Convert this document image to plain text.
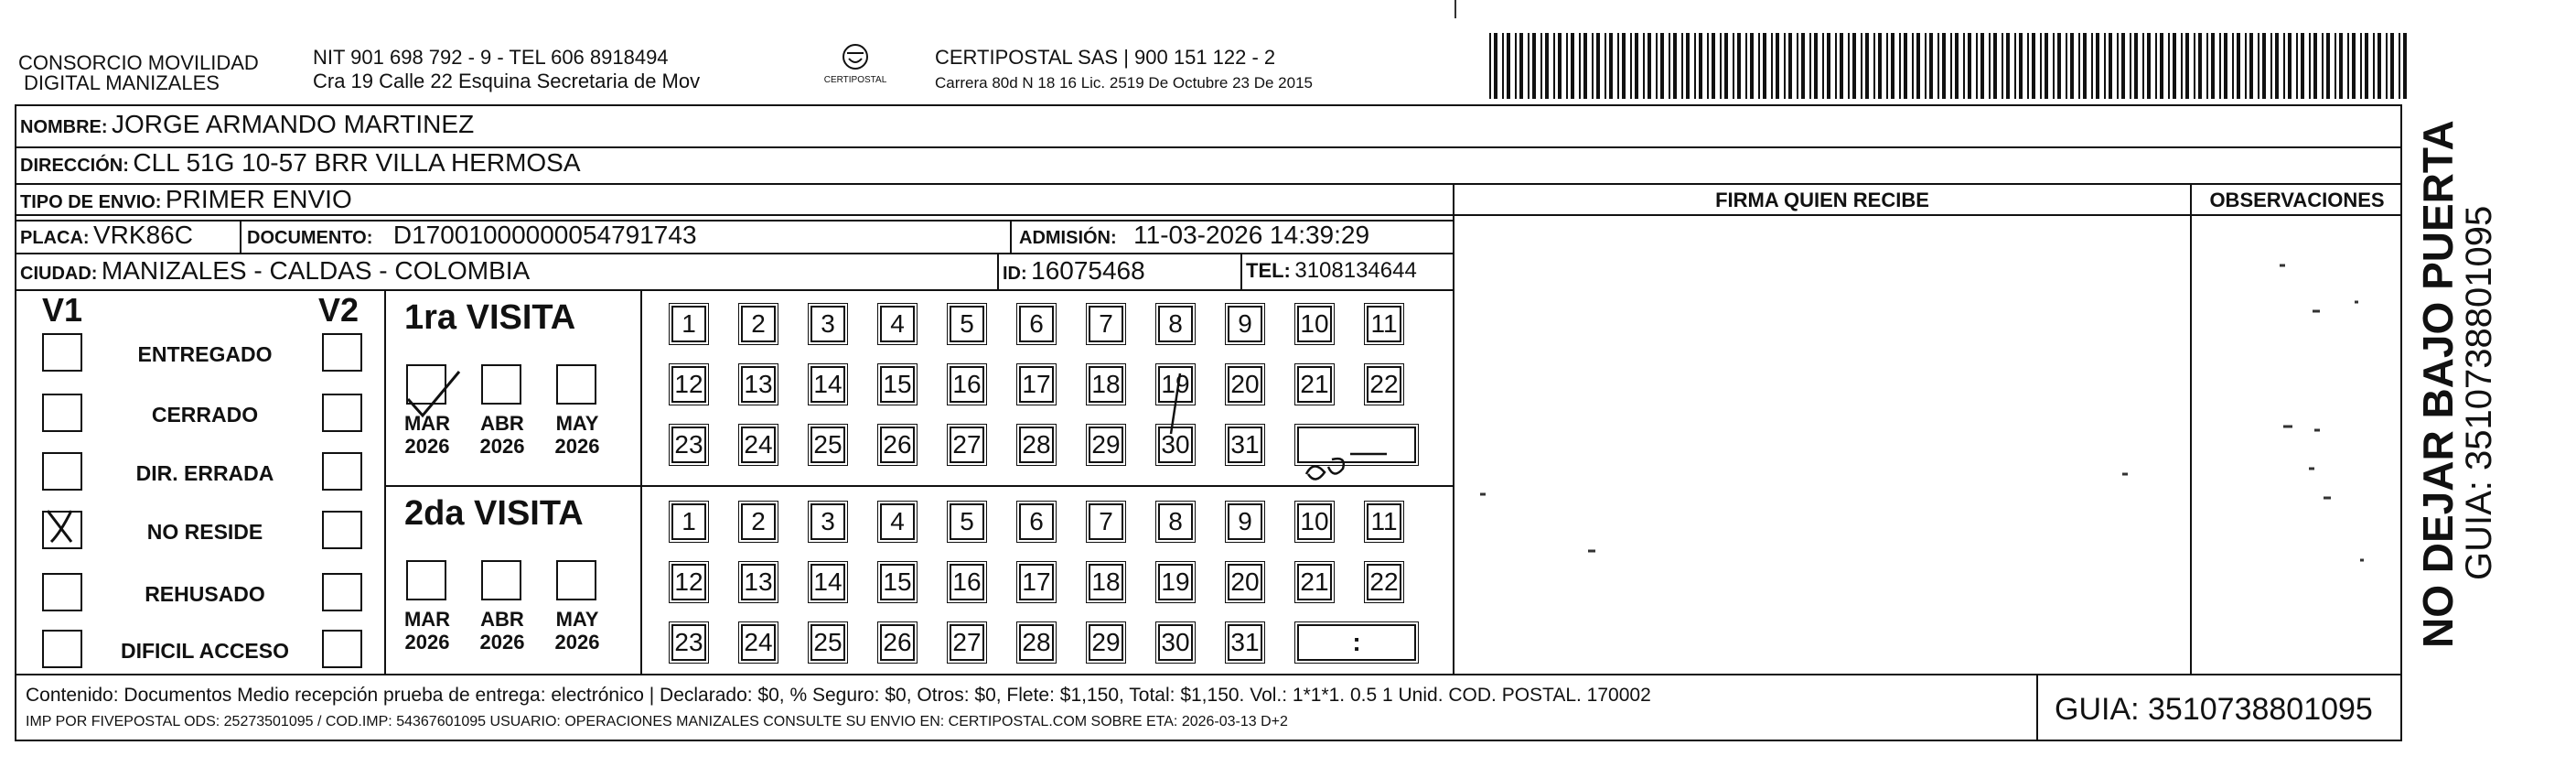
CONSORCIO MOVILIDAD
DIGITAL MANIZALES
NIT 901 698 792 - 9 - TEL 606 8918494
Cra 19 Calle 22 Esquina Secretaria de Mov	CERTIPOSTAL
CERTIPOSTAL SAS | 900 151 122 - 2
Carrera 80d N 18 16 Lic. 2519 De Octubre 23 De 2015
FIRMA QUIEN RECIBE	OBSERVACIONES
NOMBRE: JORGE ARMANDO MARTINEZ
DIRECCIÓN: CLL 51G 10-57 BRR VILLA HERMOSA
TIPO DE ENVIO: PRIMER ENVIO
PLACA: VRK86C	DOCUMENTO: D17001000000054791743	ADMISIÓN: 11-03-2026 14:39:29
CIUDAD: MANIZALES - CALDAS - COLOMBIA	ID: 16075468	TEL: 3108134644
V1	V2
ENTREGADO
CERRADO
DIR. ERRADA
NO RESIDE
REHUSADO
DIFICIL ACCESO
1ra VISITA
2da VISITA
MAR
2026
ABR
2026
MAY
2026
MAR
2026
ABR
2026
MAY
2026
1	2	3	4	5	6	7	8	9	10 11
12 13 14 15 16 17 18 19 20 21 22
23 24 25 26 27 28 29 30 31
1	2	3	4	5	6	7	8	9	10 11
12 13 14 15 16 17 18 19 20 21 22
23 24 25 26 27 28 29 30 31	:
Contenido: Documentos Medio recepción prueba de entrega: electrónico | Declarado: $0, % Seguro: $0, Otros: $0, Flete: $1,150, Total: $1,150. Vol.: 1*1*1. 0.5 1 Unid. COD. POSTAL. 170002
IMP POR FIVEPOSTAL ODS: 25273501095 / COD.IMP: 54367601095 USUARIO: OPERACIONES MANIZALES CONSULTE SU ENVIO EN: CERTIPOSTAL.COM SOBRE ETA: 2026-03-13 D+2	GUIA: 3510738801095
NO DEJAR BAJO PUERTA
GUIA: 3510738801095
